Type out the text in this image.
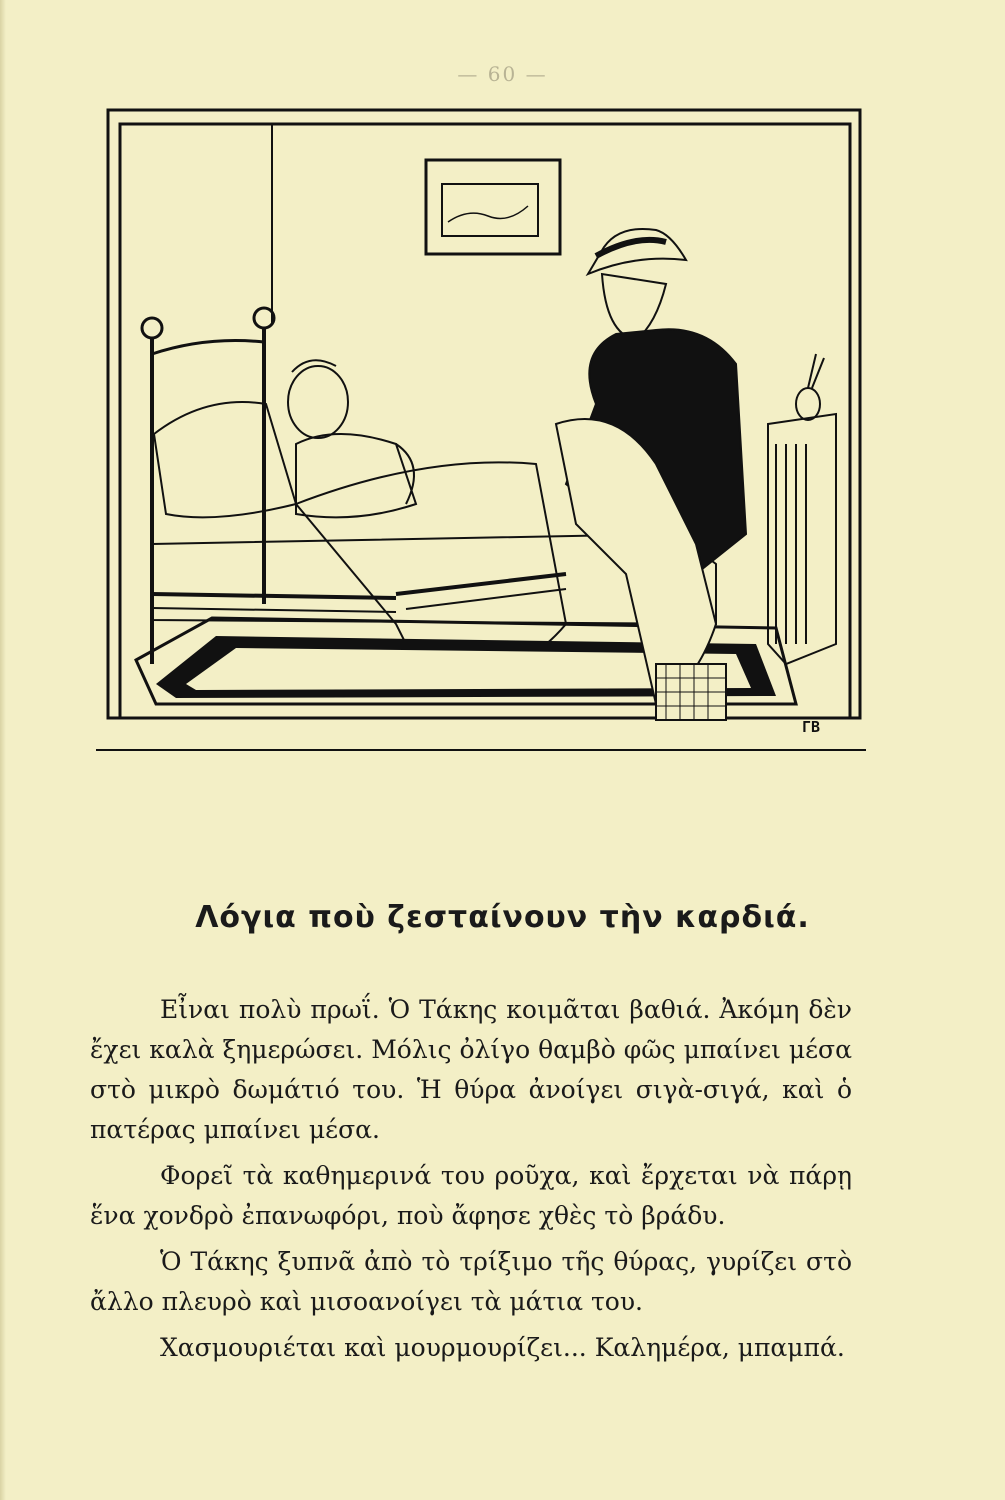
— 60 —
ΓΒ
Λόγια ποὺ ζεσταίνουν τὴν καρδιά.

Εἶναι πολὺ πρωΐ. Ὁ Τάκης κοιμᾶται βαθιά. Ἀκόμη δὲν ἔχει καλὰ ξημερώσει. Μόλις ὀλίγο θαμβὸ φῶς μπαίνει μέσα στὸ μικρὸ δωμάτιό του. Ἡ θύρα ἀνοίγει σιγὰ-σιγά, καὶ ὁ πατέρας μπαίνει μέσα.

Φορεῖ τὰ καθημερινά του ροῦχα, καὶ ἔρχεται νὰ πάρῃ ἕνα χονδρὸ ἐπανωφόρι, ποὺ ἄφησε χθὲς τὸ βράδυ.

Ὁ Τάκης ξυπνᾶ ἀπὸ τὸ τρίξιμο τῆς θύρας, γυρίζει στὸ ἄλλο πλευρὸ καὶ μισοανοίγει τὰ μάτια του.

Χασμουριέται καὶ μουρμουρίζει... Καλημέρα, μπαμπά.
